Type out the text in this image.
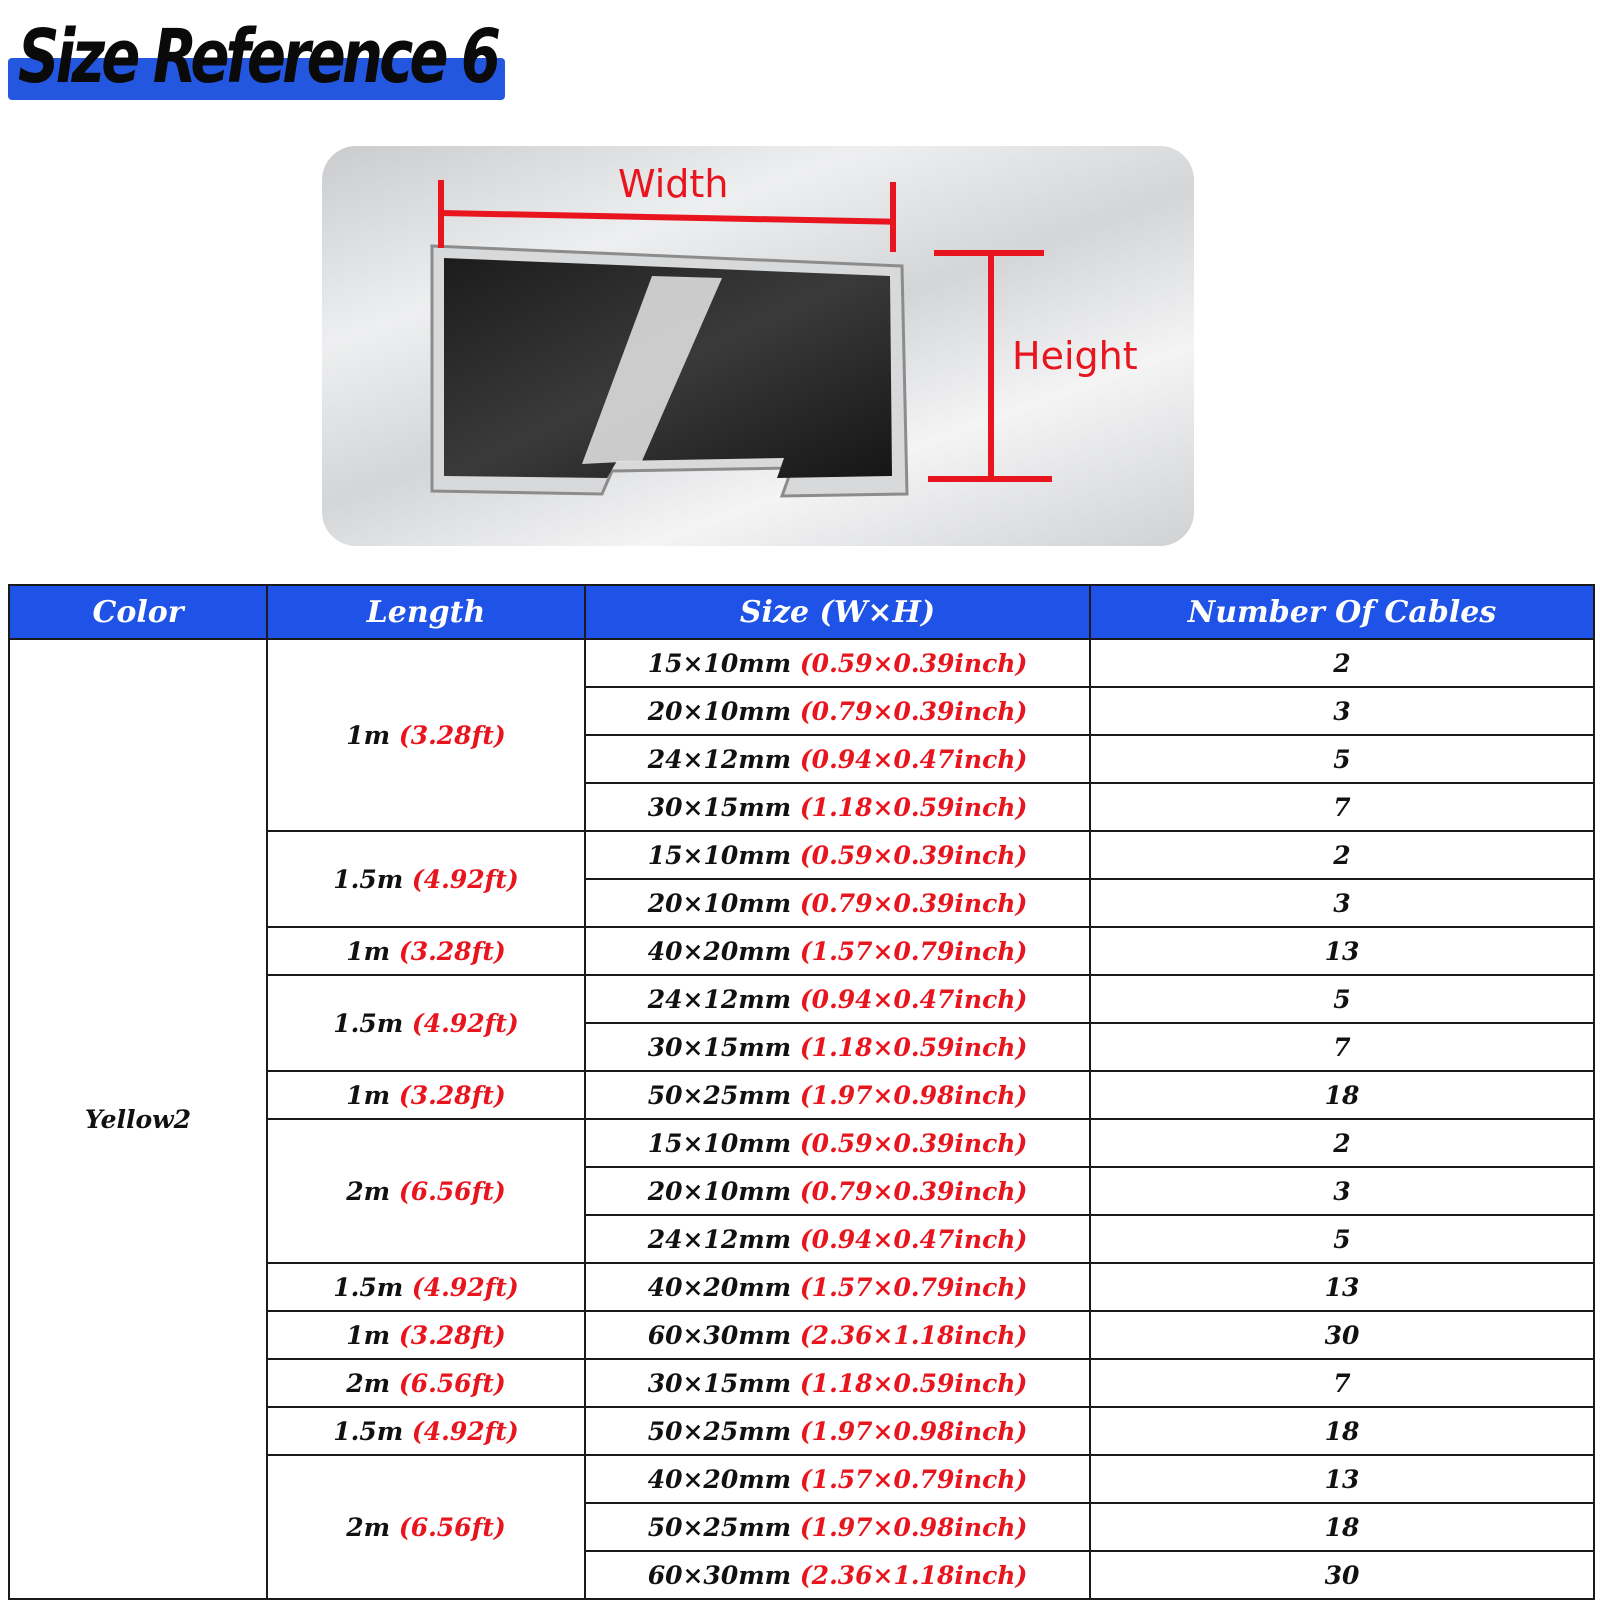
Size Reference 6
Width
Height
Color	Length	Size (W×H)	Number Of Cables
Yellow2	1m (3.28ft)	15×10mm (0.59×0.39inch)	2
		20×10mm (0.79×0.39inch)	3
		24×12mm (0.94×0.47inch)	5
		30×15mm (1.18×0.59inch)	7
	1.5m (4.92ft)	15×10mm (0.59×0.39inch)	2
		20×10mm (0.79×0.39inch)	3
	1m (3.28ft)	40×20mm (1.57×0.79inch)	13
	1.5m (4.92ft)	24×12mm (0.94×0.47inch)	5
		30×15mm (1.18×0.59inch)	7
	1m (3.28ft)	50×25mm (1.97×0.98inch)	18
	2m (6.56ft)	15×10mm (0.59×0.39inch)	2
		20×10mm (0.79×0.39inch)	3
		24×12mm (0.94×0.47inch)	5
	1.5m (4.92ft)	40×20mm (1.57×0.79inch)	13
	1m (3.28ft)	60×30mm (2.36×1.18inch)	30
	2m (6.56ft)	30×15mm (1.18×0.59inch)	7
	1.5m (4.92ft)	50×25mm (1.97×0.98inch)	18
	2m (6.56ft)	40×20mm (1.57×0.79inch)	13
		50×25mm (1.97×0.98inch)	18
		60×30mm (2.36×1.18inch)	30
